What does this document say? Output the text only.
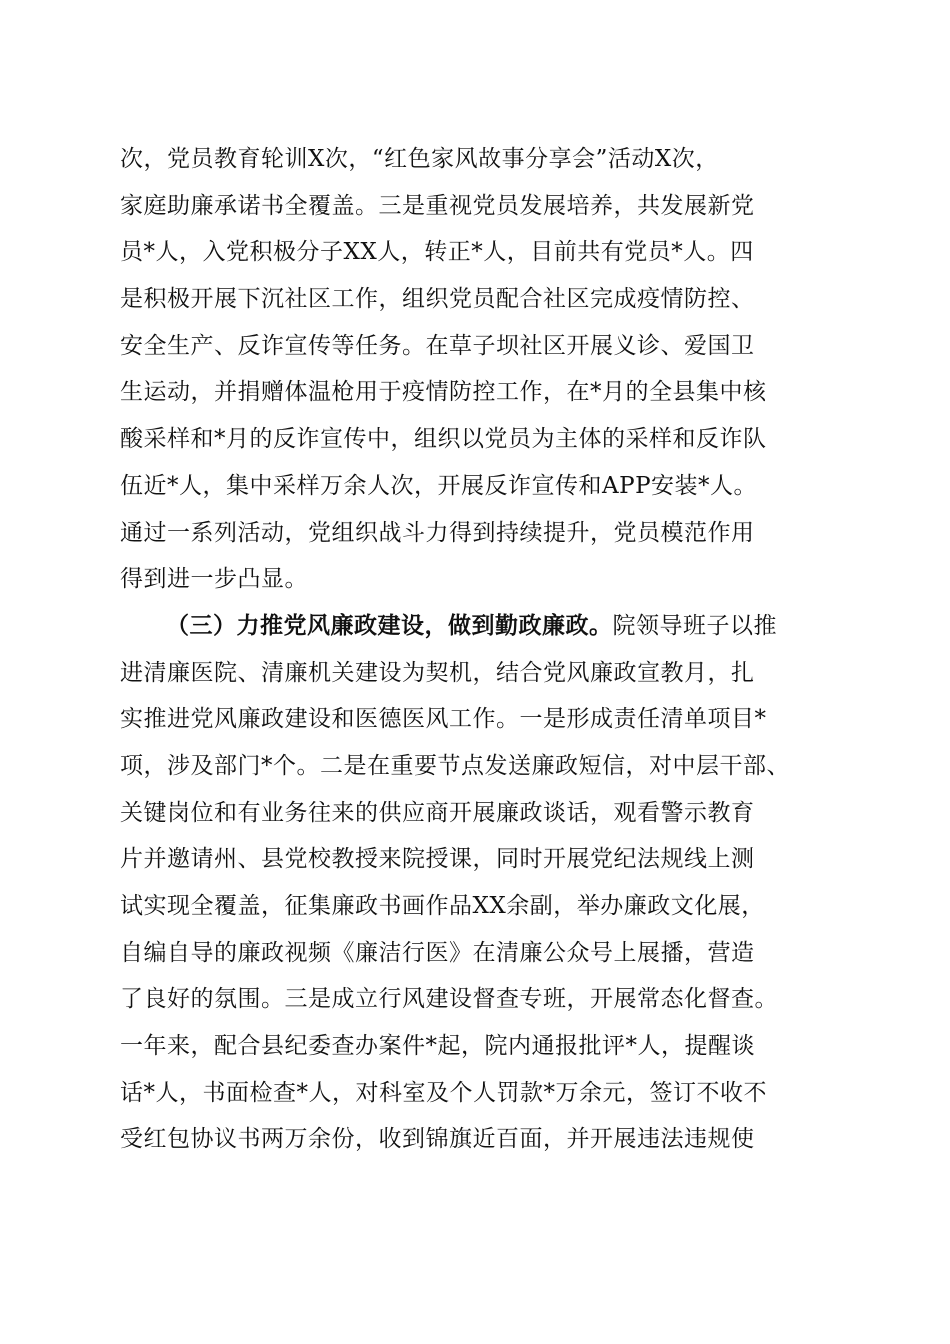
次，党员教育轮训X次，“红色家风故事分享会”活动X次，
家庭助廉承诺书全覆盖。三是重视党员发展培养，共发展新党
员*人，入党积极分子XX人，转正*人，目前共有党员*人。四
是积极开展下沉社区工作，组织党员配合社区完成疫情防控、
安全生产、反诈宣传等任务。在草子坝社区开展义诊、爱国卫
生运动，并捐赠体温枪用于疫情防控工作，在*月的全县集中核
酸采样和*月的反诈宣传中，组织以党员为主体的采样和反诈队
伍近*人，集中采样万余人次，开展反诈宣传和APP安装*人。
通过一系列活动，党组织战斗力得到持续提升，党员模范作用
得到进一步凸显。
（三）力推党风廉政建设，做到勤政廉政。院领导班子以推
进清廉医院、清廉机关建设为契机，结合党风廉政宣教月，扎
实推进党风廉政建设和医德医风工作。一是形成责任清单项目*
项，涉及部门*个。二是在重要节点发送廉政短信，对中层干部、
关键岗位和有业务往来的供应商开展廉政谈话，观看警示教育
片并邀请州、县党校教授来院授课，同时开展党纪法规线上测
试实现全覆盖，征集廉政书画作品XX余副，举办廉政文化展，
自编自导的廉政视频《廉洁行医》在清廉公众号上展播，营造
了良好的氛围。三是成立行风建设督查专班，开展常态化督查。
一年来，配合县纪委查办案件*起，院内通报批评*人，提醒谈
话*人，书面检查*人，对科室及个人罚款*万余元，签订不收不
受红包协议书两万余份，收到锦旗近百面，并开展违法违规使
